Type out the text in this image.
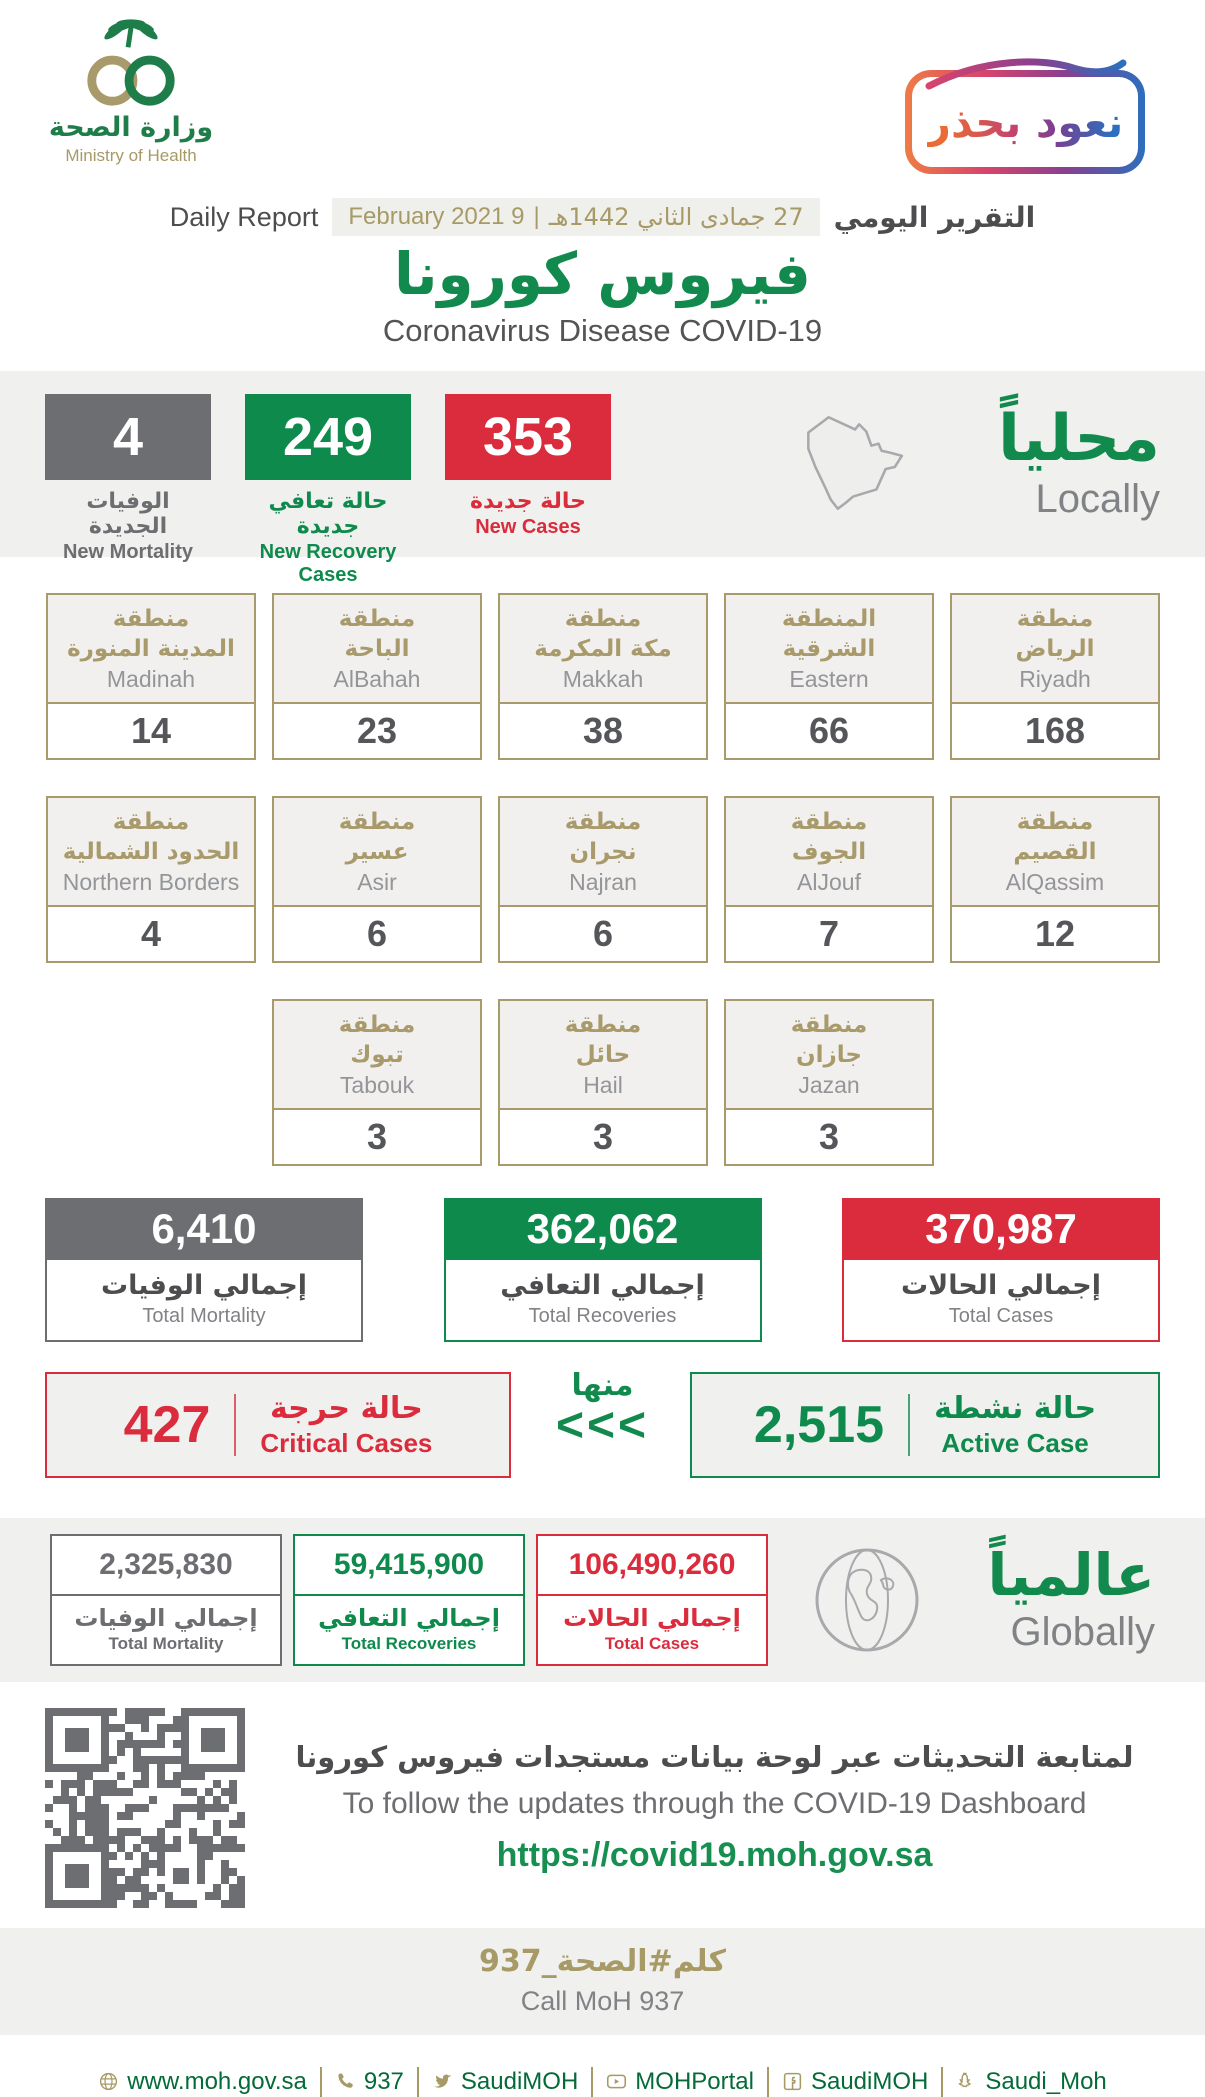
وزارة الصحة
Ministry of Health
نعود بحذر
Daily Report	27 جمادى الثاني 1442هـ
|
9 February 2021	التقرير اليومي
فيروس كورونا
Coronavirus Disease COVID-19
4
الوفيات الجديدة
New Mortality
249
حالة تعافي جديدة
New Recovery Cases
353
حالة جديدة
New Cases
محلياً
Locally
منطقة
الرياض
Riyadh
168
المنطقة
الشرقية
Eastern
66
منطقة
مكة المكرمة
Makkah
38
منطقة
الباحة
AlBahah
23
منطقة
المدينة المنورة
Madinah
14
منطقة
القصيم
AlQassim
12
منطقة
الجوف
AlJouf
7
منطقة
نجران
Najran
6
منطقة
عسير
Asir
6
منطقة
الحدود الشمالية
Northern Borders
4
منطقة
جازان
Jazan
3
منطقة
حائل
Hail
3
منطقة
تبوك
Tabouk
3
6,410
إجمالي الوفيات
Total Mortality
362,062
إجمالي التعافي
Total Recoveries
370,987
إجمالي الحالات
Total Cases
427	حالة حرجة
Critical Cases
منها
<<< 2,515 حالة نشطة
Active Case
2,325,830
إجمالي الوفيات
Total Mortality
59,415,900
إجمالي التعافي
Total Recoveries
106,490,260
إجمالي الحالات
Total Cases
عالمياً
Globally
لمتابعة التحديثات عبر لوحة بيانات مستجدات فيروس كورونا
To follow the updates through the COVID-19 Dashboard
https://covid19.moh.gov.sa
كلم#الصحة_937
Call MoH 937
www.moh.gov.sa 937 SaudiMOH MOHPortal SaudiMOH Saudi_Moh
